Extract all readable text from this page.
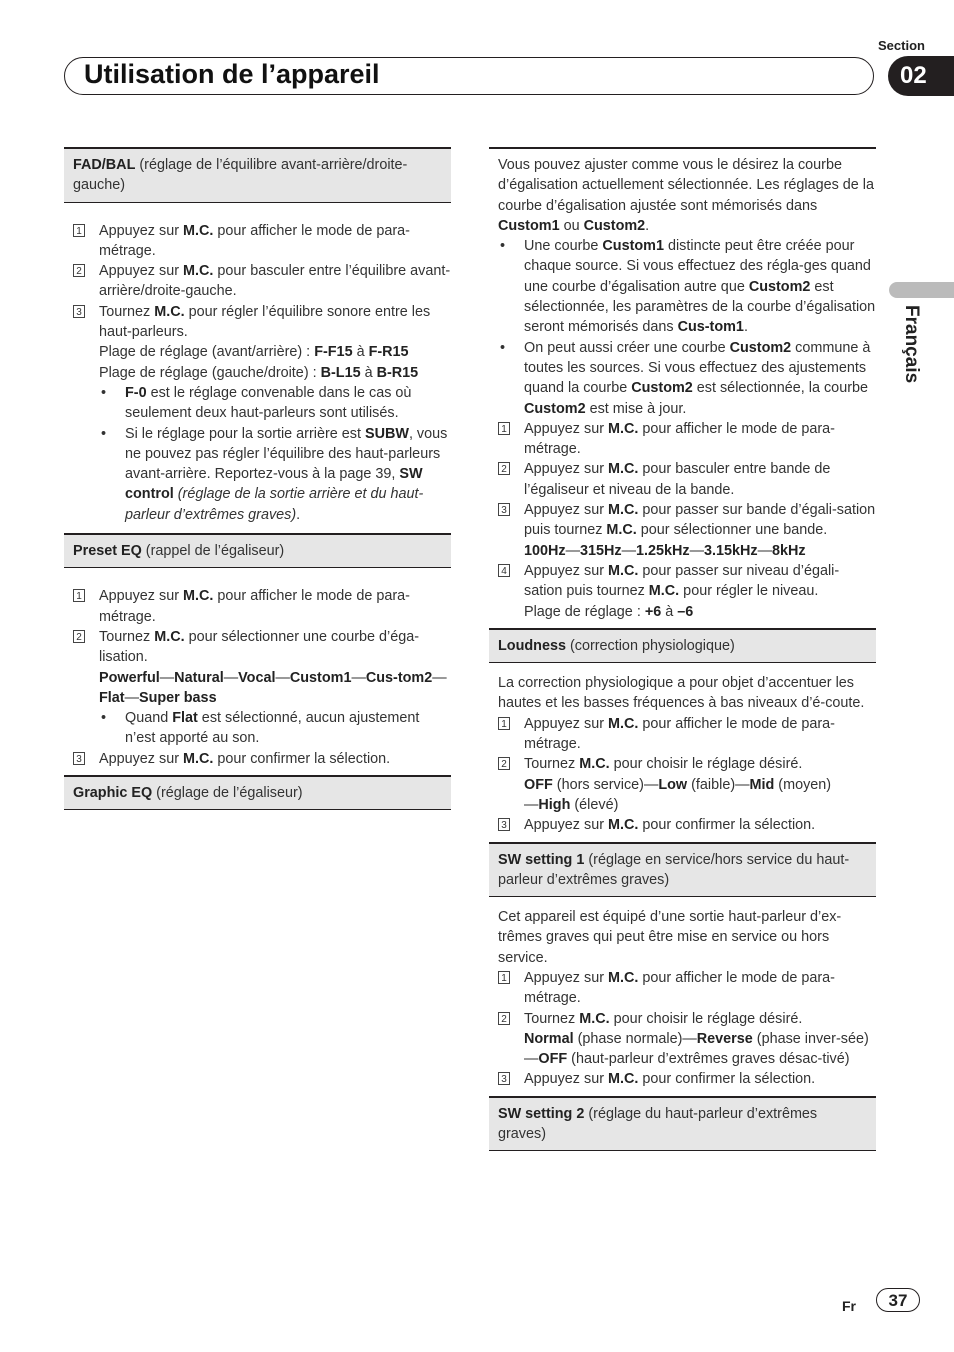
Section
02
Utilisation de l’appareil
Français
FAD/BAL (réglage de l’équilibre avant-arrière/droite-gauche)
1 Appuyez sur M.C. pour afficher le mode de para-métrage.
2 Appuyez sur M.C. pour basculer entre l’équilibre avant-arrière/droite-gauche.
3 Tournez M.C. pour régler l’équilibre sonore entre les haut-parleurs.
Plage de réglage (avant/arrière) : F-F15 à F-R15
Plage de réglage (gauche/droite) : B-L15 à B-R15
• F-0 est le réglage convenable dans le cas où seulement deux haut-parleurs sont utilisés.
• Si le réglage pour la sortie arrière est SUBW, vous ne pouvez pas régler l’équilibre des haut-parleurs avant-arrière. Reportez-vous à la page 39, SW control (réglage de la sortie arrière et du haut-parleur d’extrêmes graves).
Preset EQ (rappel de l’égaliseur)
1 Appuyez sur M.C. pour afficher le mode de para-métrage.
2 Tournez M.C. pour sélectionner une courbe d’éga-lisation.
Powerful—Natural—Vocal—Custom1—Cus-tom2—Flat—Super bass
• Quand Flat est sélectionné, aucun ajustement n’est apporté au son.
3 Appuyez sur M.C. pour confirmer la sélection.
Graphic EQ (réglage de l’égaliseur)
Vous pouvez ajuster comme vous le désirez la courbe d’égalisation actuellement sélectionnée. Les réglages de la courbe d’égalisation ajustée sont mémorisés dans Custom1 ou Custom2.
• Une courbe Custom1 distincte peut être créée pour chaque source. Si vous effectuez des régla-ges quand une courbe d’égalisation autre que Custom2 est sélectionnée, les paramètres de la courbe d’égalisation seront mémorisés dans Cus-tom1.
• On peut aussi créer une courbe Custom2 commune à toutes les sources. Si vous effectuez des ajustements quand la courbe Custom2 est sélectionnée, la courbe Custom2 est mise à jour.
1 Appuyez sur M.C. pour afficher le mode de para-métrage.
2 Appuyez sur M.C. pour basculer entre bande de l’égaliseur et niveau de la bande.
3 Appuyez sur M.C. pour passer sur bande d’égali-sation puis tournez M.C. pour sélectionner une bande.
100Hz—315Hz—1.25kHz—3.15kHz—8kHz
4 Appuyez sur M.C. pour passer sur niveau d’égali-sation puis tournez M.C. pour régler le niveau.
Plage de réglage : +6 à –6
Loudness (correction physiologique)
La correction physiologique a pour objet d’accentuer les hautes et les basses fréquences à bas niveaux d’é-coute.
1 Appuyez sur M.C. pour afficher le mode de para-métrage.
2 Tournez M.C. pour choisir le réglage désiré.
OFF (hors service)—Low (faible)—Mid (moyen)
—High (élevé)
3 Appuyez sur M.C. pour confirmer la sélection.
SW setting 1 (réglage en service/hors service du haut-parleur d’extrêmes graves)
Cet appareil est équipé d’une sortie haut-parleur d’ex-trêmes graves qui peut être mise en service ou hors service.
1 Appuyez sur M.C. pour afficher le mode de para-métrage.
2 Tournez M.C. pour choisir le réglage désiré.
Normal (phase normale)—Reverse (phase inver-sée)—OFF (haut-parleur d’extrêmes graves désac-tivé)
3 Appuyez sur M.C. pour confirmer la sélection.
SW setting 2 (réglage du haut-parleur d’extrêmes graves)
Fr	37
